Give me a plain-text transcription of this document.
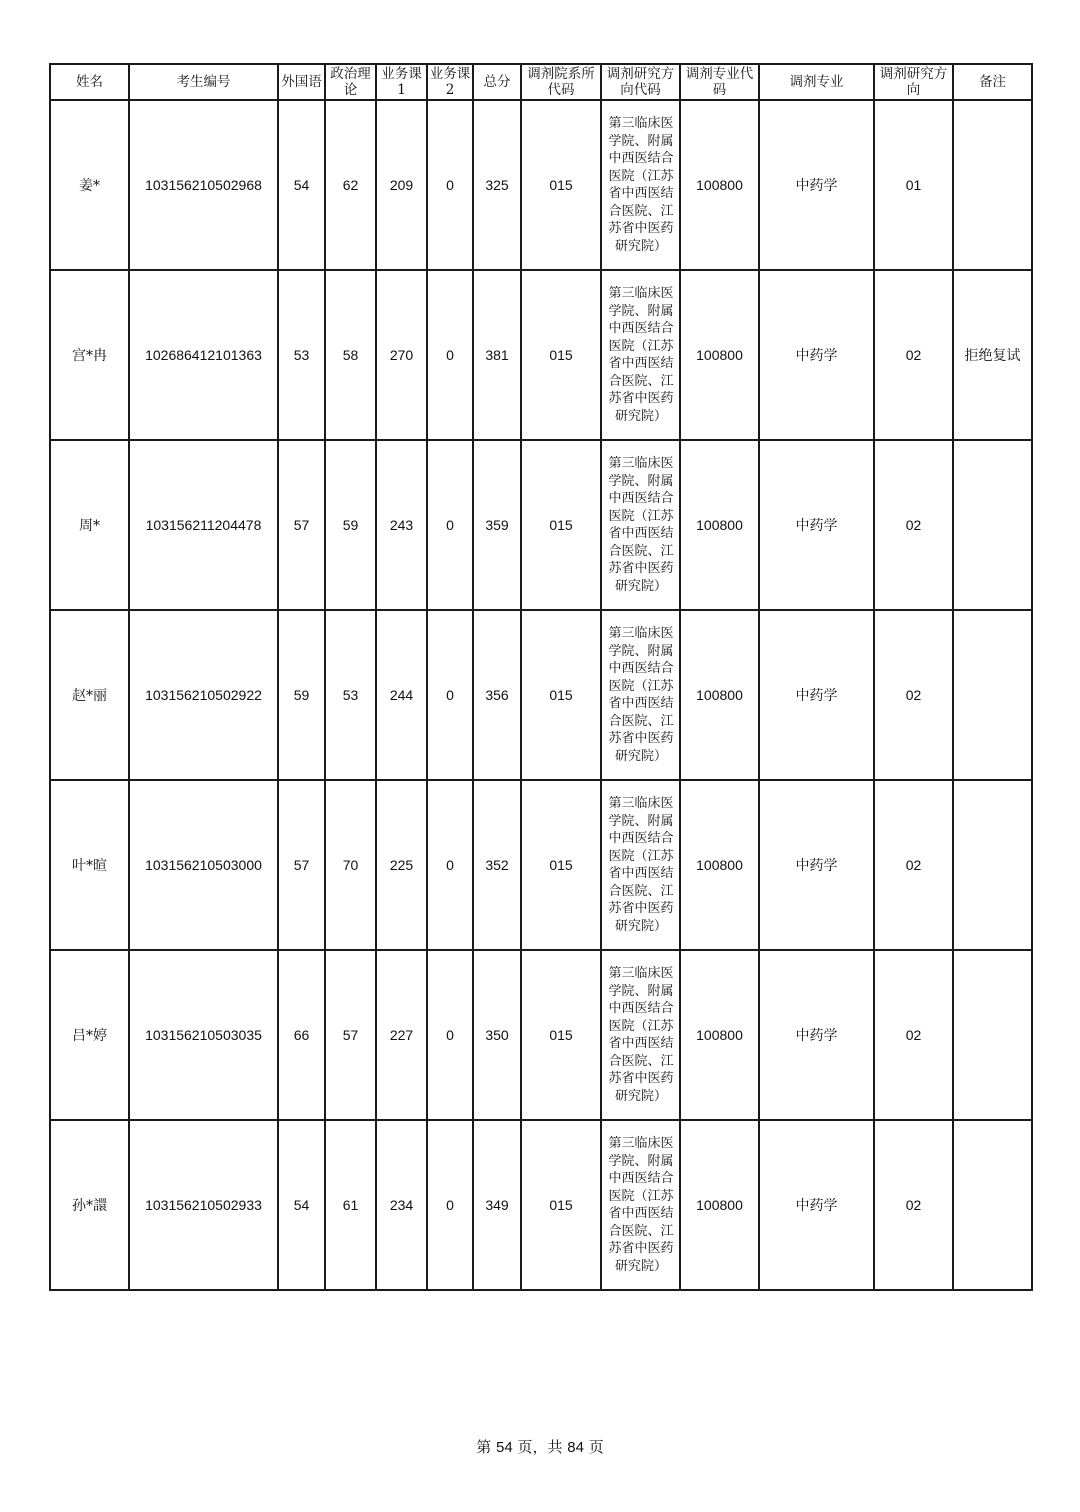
姓名	考生编号	外国语	政治理论	业务课1	业务课2	总分	调剂院系所代码	调剂研究方向代码	调剂专业代码	调剂专业	调剂研究方向	备注
姜*	103156210502968	54	62	209	0	325	015	第三临床医学院、附属中西医结合医院（江苏省中西医结合医院、江苏省中医药研究院）	100800	中药学	01	
宫*冉	102686412101363	53	58	270	0	381	015	第三临床医学院、附属中西医结合医院（江苏省中西医结合医院、江苏省中医药研究院）	100800	中药学	02	拒绝复试
周*	103156211204478	57	59	243	0	359	015	第三临床医学院、附属中西医结合医院（江苏省中西医结合医院、江苏省中医药研究院）	100800	中药学	02	
赵*丽	103156210502922	59	53	244	0	356	015	第三临床医学院、附属中西医结合医院（江苏省中西医结合医院、江苏省中医药研究院）	100800	中药学	02	
叶*暄	103156210503000	57	70	225	0	352	015	第三临床医学院、附属中西医结合医院（江苏省中西医结合医院、江苏省中医药研究院）	100800	中药学	02	
吕*婷	103156210503035	66	57	227	0	350	015	第三临床医学院、附属中西医结合医院（江苏省中西医结合医院、江苏省中医药研究院）	100800	中药学	02	
孙*譞	103156210502933	54	61	234	0	349	015	第三临床医学院、附属中西医结合医院（江苏省中西医结合医院、江苏省中医药研究院）	100800	中药学	02	
第 54 页，共 84 页
